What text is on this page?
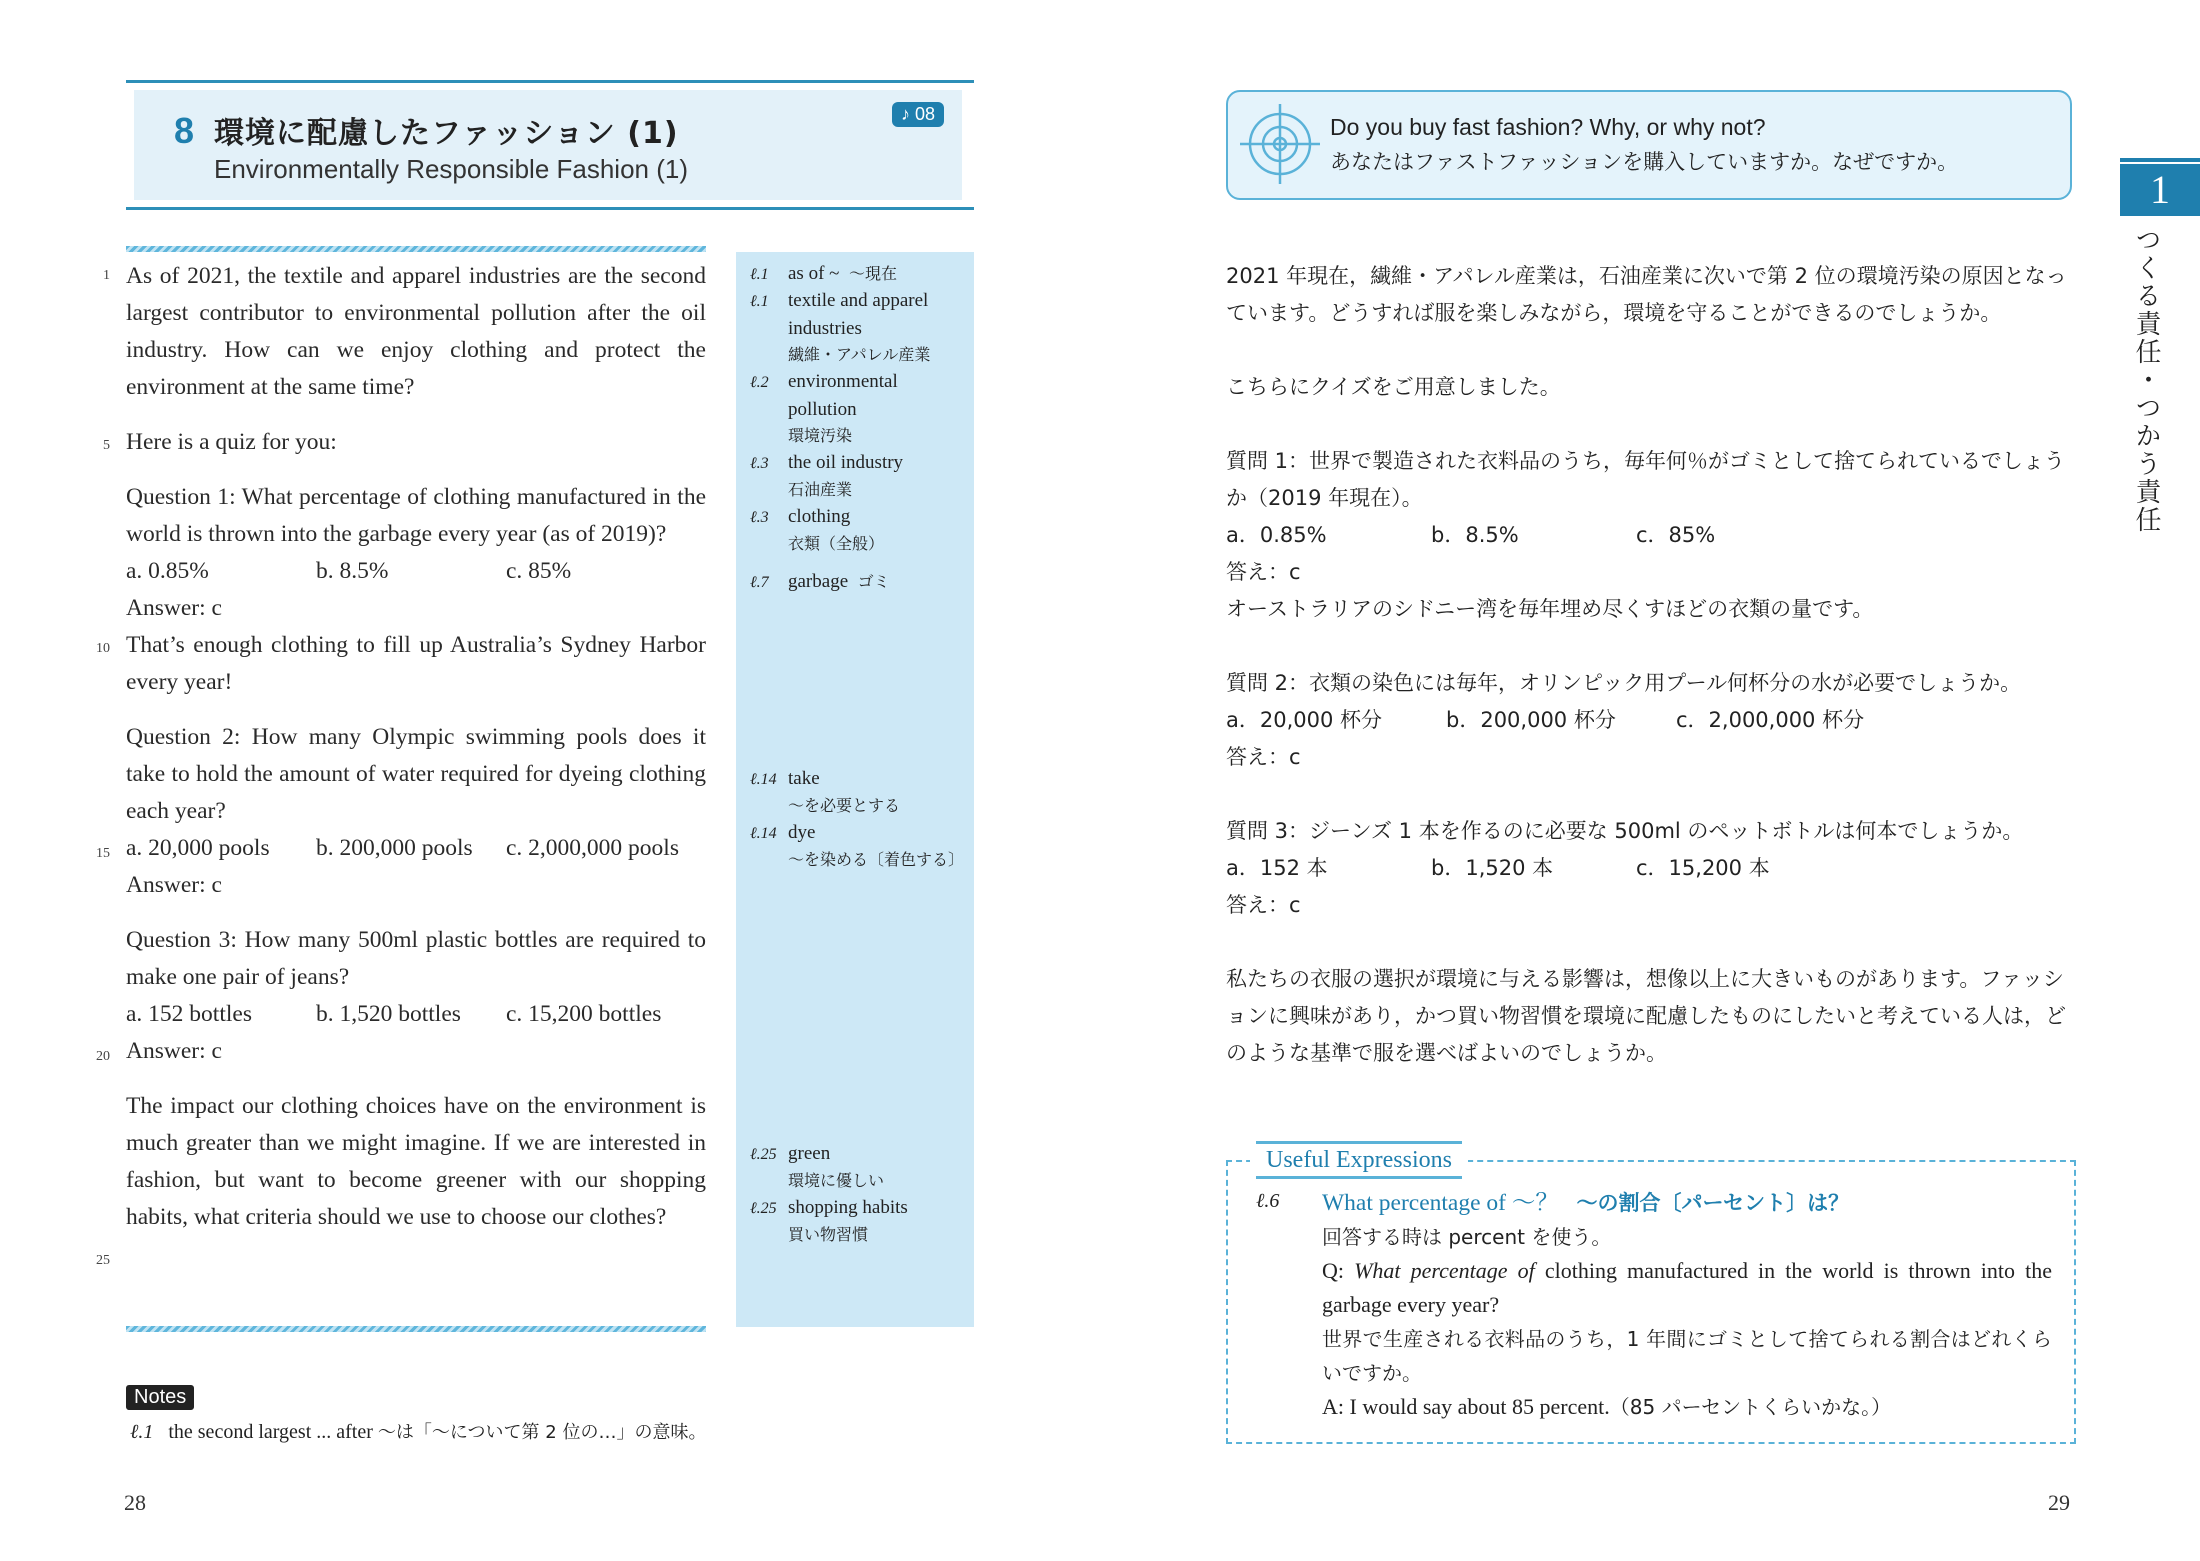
8 環境に配慮したファッション (1)
Environmentally Responsible Fashion (1)
♪ 08
1
5
10
15
20
25

As of 2021, the textile and apparel industries are the second largest contributor to environmental pollution after the oil industry. How can we enjoy clothing and protect the environment at the same time?

Here is a quiz for you:

Question 1: What percentage of clothing manufactured in the world is thrown into the garbage every year (as of 2019)?

a. 0.85%	b. 8.5%	c. 85%

Answer: c

That’s enough clothing to fill up Australia’s Sydney Harbor every year!

Question 2: How many Olympic swimming pools does it take to hold the amount of water required for dyeing clothing each year?

a. 20,000 pools	b. 200,000 pools	c. 2,000,000 pools

Answer: c

Question 3: How many 500ml plastic bottles are required to make one pair of jeans?

a. 152 bottles	b. 1,520 bottles	c. 15,200 bottles

Answer: c

The impact our clothing choices have on the environment is much greater than we might imagine. If we are interested in fashion, but want to become greener with our shopping habits, what criteria should we use to choose our clothes?

ℓ.1 as of ~ ～現在
ℓ.1 textile and apparel
industries
繊維・アパレル産業
ℓ.2 environmental
pollution
環境汚染
ℓ.3 the oil industry
石油産業
ℓ.3 clothing
衣類（全般）
ℓ.7 garbage ゴミ
ℓ.14 take
～を必要とする
ℓ.14 dye
～を染める〔着色する〕
ℓ.25 green
環境に優しい
ℓ.25 shopping habits
買い物習慣
Notes
ℓ.1 the second largest ... after ～は「～について第 2 位の…」の意味。
28
Do you buy fast fashion? Why, or why not?
あなたはファストファッションを購入していますか。なぜですか。
1
つくる責任・つかう責任

2021 年現在，繊維・アパレル産業は，石油産業に次いで第 2 位の環境汚染の原因となっています。どうすれば服を楽しみながら，環境を守ることができるのでしょうか。

こちらにクイズをご用意しました。

質問 1：世界で製造された衣料品のうち，毎年何％がゴミとして捨てられているでしょうか（2019 年現在）。

a．0.85%	b．8.5%	c．85%

答え：c

オーストラリアのシドニー湾を毎年埋め尽くすほどの衣類の量です。

質問 2：衣類の染色には毎年，オリンピック用プール何杯分の水が必要でしょうか。

a．20,000 杯分	b．200,000 杯分	c．2,000,000 杯分

答え：c

質問 3：ジーンズ 1 本を作るのに必要な 500ml のペットボトルは何本でしょうか。

a．152 本	b．1,520 本	c．15,200 本

答え：c

私たちの衣服の選択が環境に与える影響は，想像以上に大きいものがあります。ファッションに興味があり，かつ買い物習慣を環境に配慮したものにしたいと考えている人は，どのような基準で服を選べばよいのでしょうか。

Useful Expressions
ℓ.6 What percentage of ～？ ～の割合〔パーセント〕は？

回答する時は percent を使う。

Q: What percentage of clothing manufactured in the world is thrown into the garbage every year?

世界で生産される衣料品のうち，1 年間にゴミとして捨てられる割合はどれくらいですか。

A: I would say about 85 percent.（85 パーセントくらいかな。）

29
